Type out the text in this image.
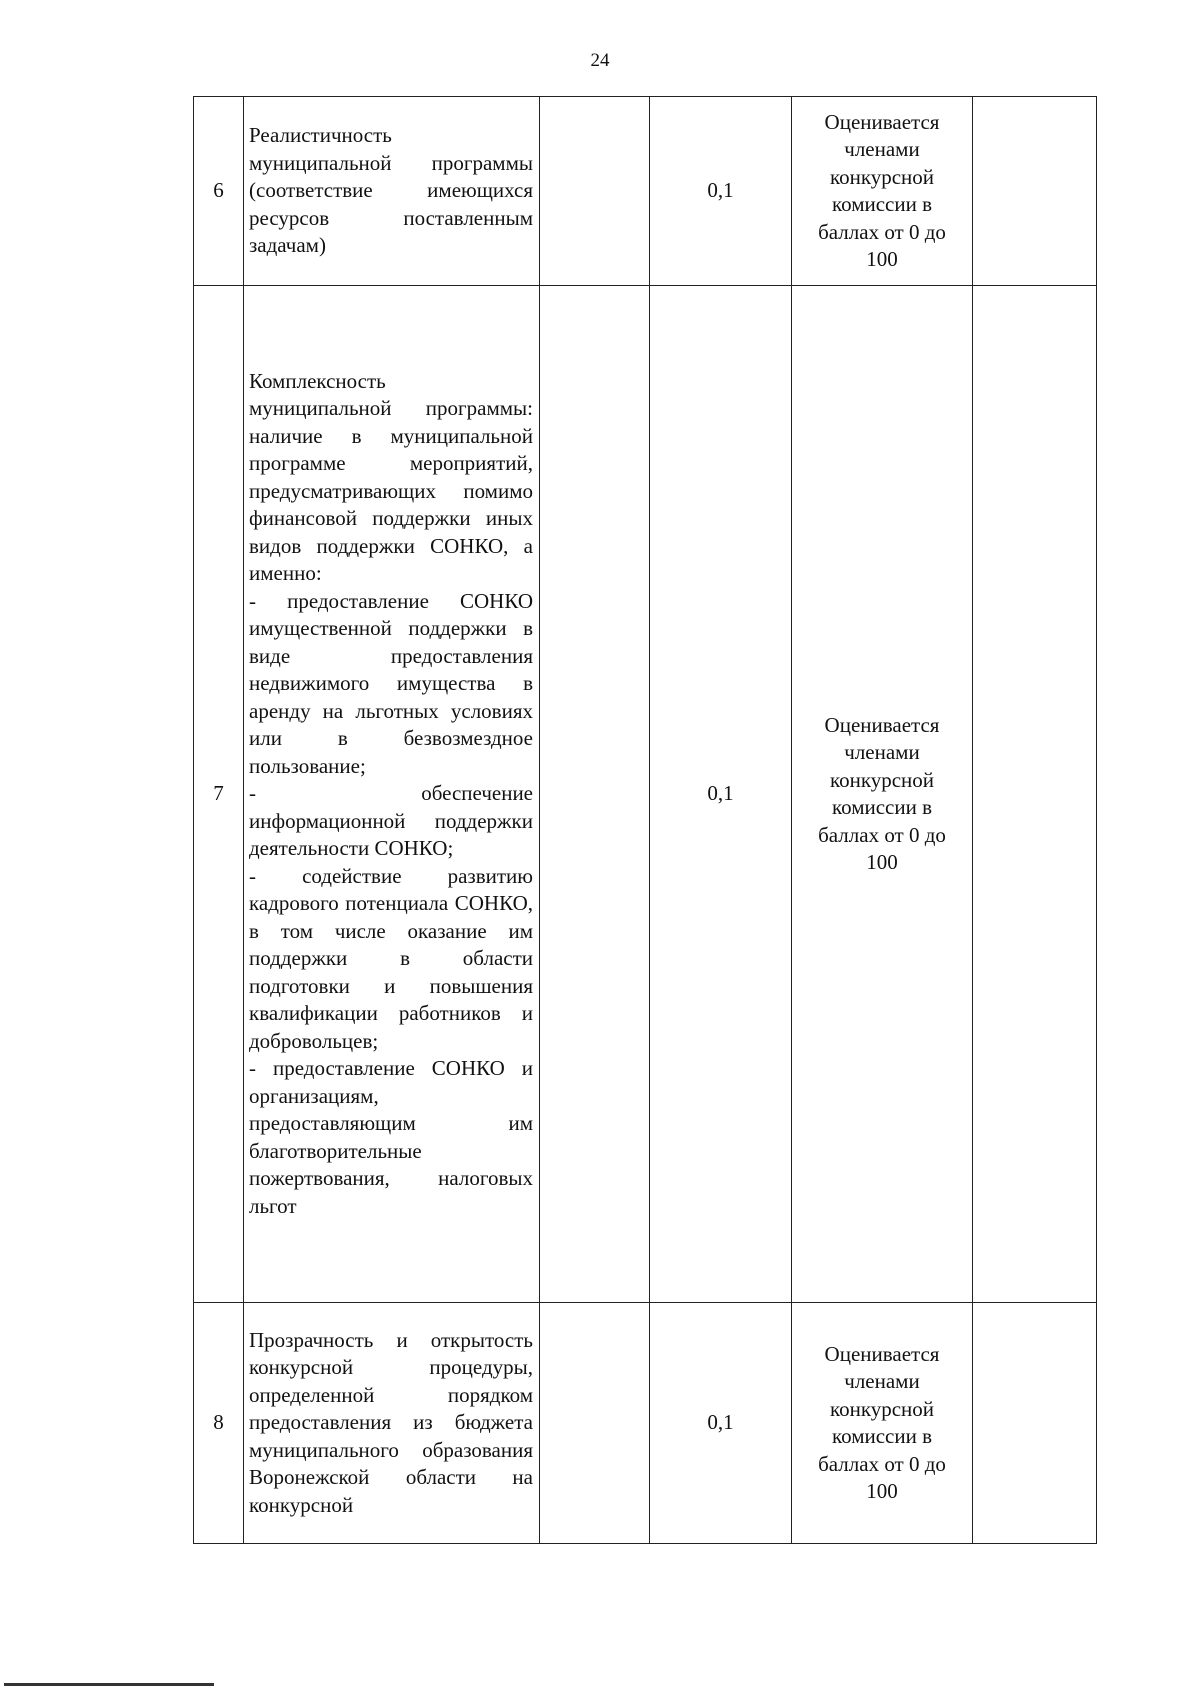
24
6	Реалистичность муниципальной программы (соответствие имеющихся ресурсов поставленным задачам)		0,1	Оценивается членами конкурсной комиссии в баллах от 0 до 100	

7	Комплексность муниципальной программы: наличие в муниципальной программе мероприятий, предусматривающих помимо финансовой поддержки иных видов поддержки СОНКО, а именно:
- предоставление СОНКО имущественной поддержки в виде предоставления недвижимого имущества в аренду на льготных условиях или в безвозмездное пользование;
- обеспечение информационной поддержки деятельности СОНКО;
- содействие развитию кадрового потенциала СОНКО, в том числе оказание им поддержки в области подготовки и повышения квалификации работников и добровольцев;
- предоставление СОНКО и организациям, предоставляющим им благотворительные пожертвования, налоговых льгот		0,1	Оценивается членами конкурсной комиссии в баллах от 0 до 100	

8	Прозрачность и открытость конкурсной процедуры, определенной порядком предоставления из бюджета муниципального образования Воронежской области на конкурсной		0,1	Оценивается членами конкурсной комиссии в баллах от 0 до 100	
